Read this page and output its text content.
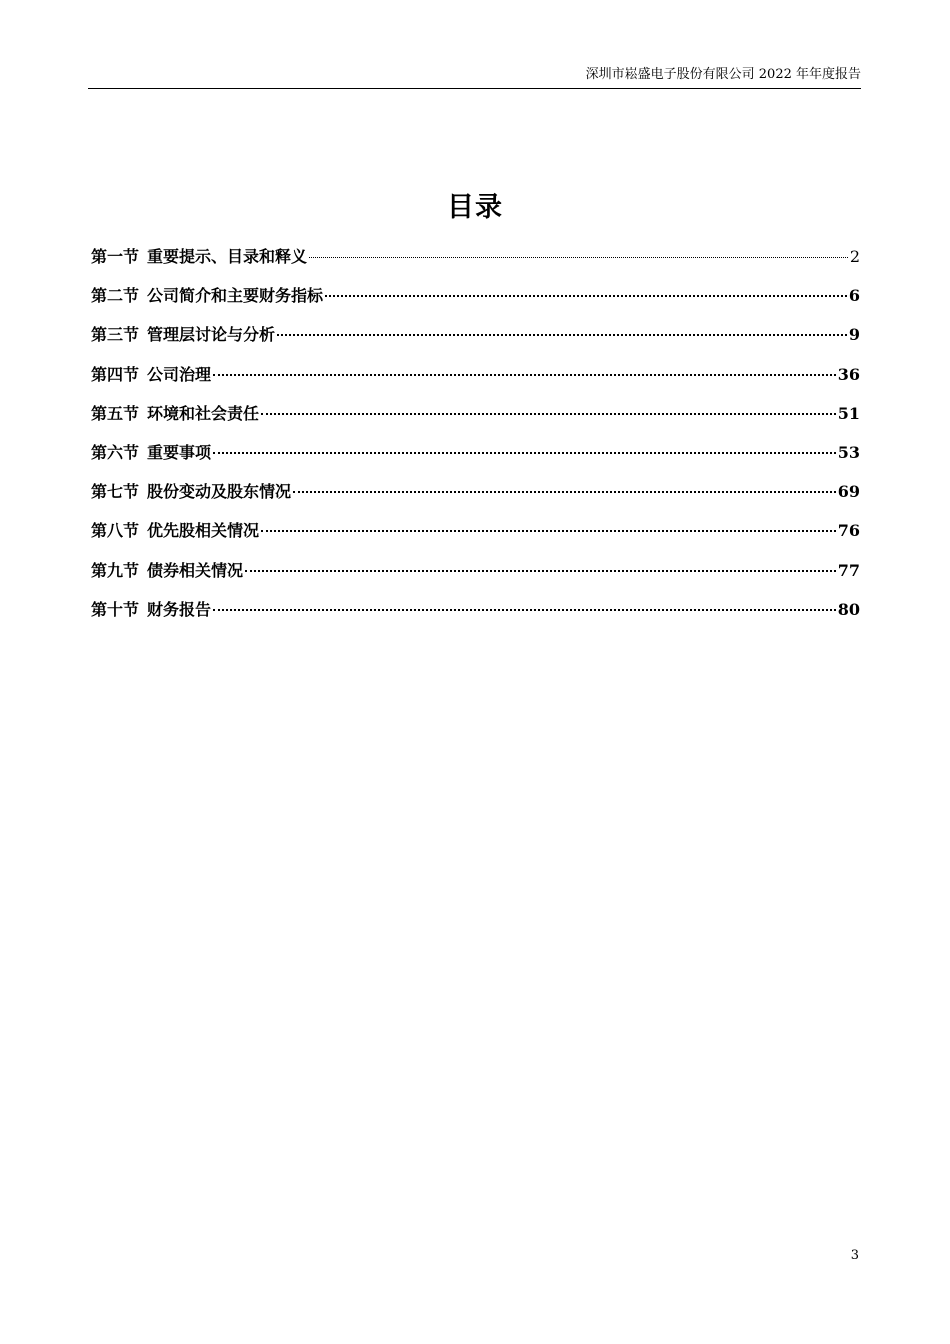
深圳市崧盛电子股份有限公司 2022 年年度报告
目录
第一节 重要提示、目录和释义	2
第二节 公司简介和主要财务指标	6
第三节 管理层讨论与分析	9
第四节 公司治理	36
第五节 环境和社会责任	51
第六节 重要事项	53
第七节 股份变动及股东情况	69
第八节 优先股相关情况	76
第九节 债券相关情况	77
第十节 财务报告	80
3
